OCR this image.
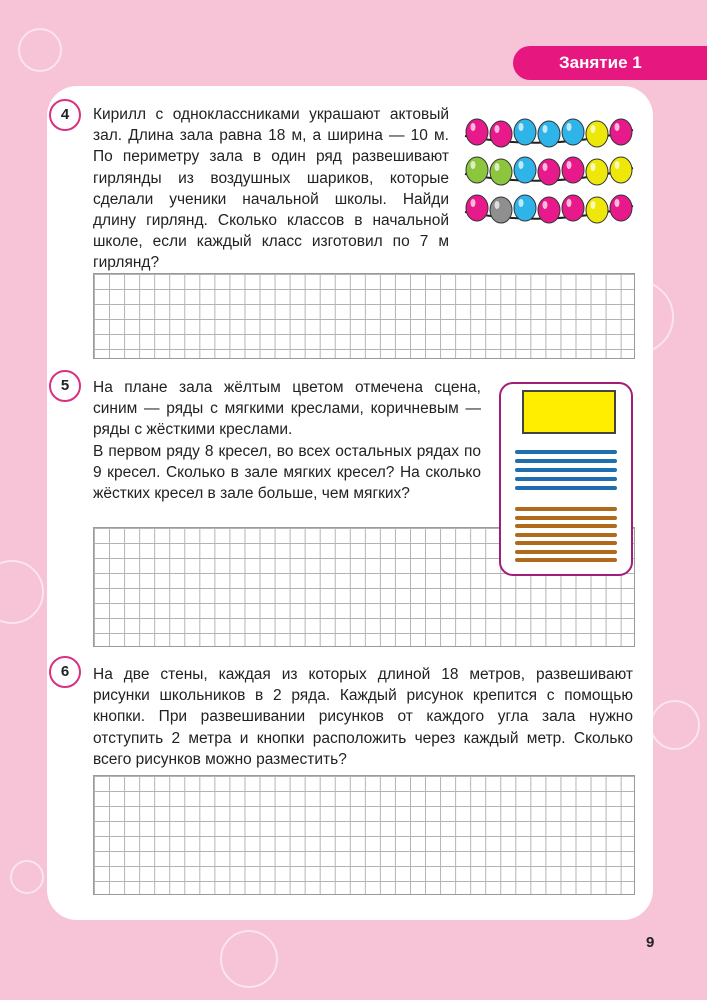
Занятие 1
4	Кирилл с одноклассниками украшают актовый зал. Длина зала равна 18 м, а ширина — 10 м. По периметру зала в один ряд развешивают гирлянды из воздушных шариков, которые сделали ученики начальной школы. Найди длину гирлянд. Сколько классов в начальной школе, если каждый класс изготовил по 7 м гирлянд?

5	На плане зала жёлтым цветом отмечена сцена, синим — ряды с мягкими креслами, коричневым — ряды с жёсткими креслами.
В первом ряду 8 кресел, во всех остальных рядах по 9 кресел. Сколько в зале мягких кресел? На сколько жёстких кресел в зале больше, чем мягких?

6	На две стены, каждая из которых длиной 18 метров, развешивают рисунки школьников в 2 ряда. Каждый рисунок крепится с помощью кнопки. При развешивании рисунков от каждого угла зала нужно отступить 2 метра и кнопки расположить через каждый метр. Сколько всего рисунков можно разместить?

9
